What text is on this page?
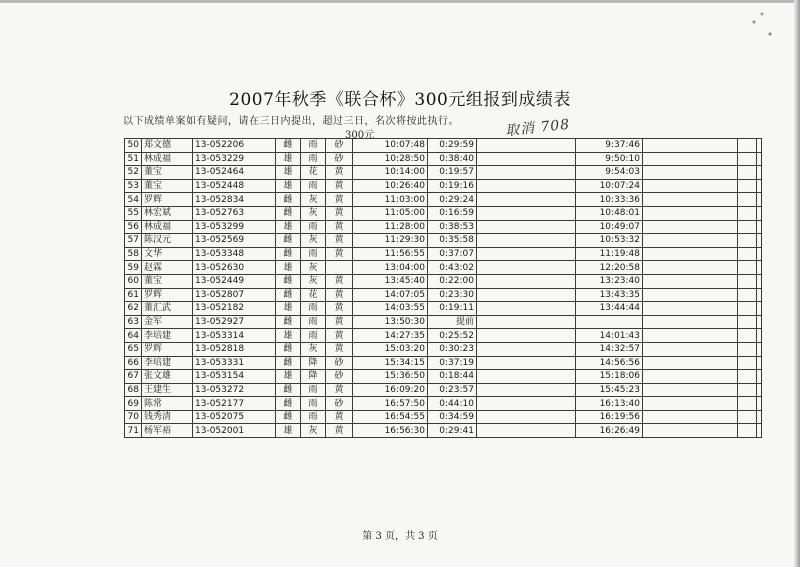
2007年秋季《联合杯》300元组报到成绩表
以下成绩单案如有疑问，请在三日内提出，超过三日，名次将按此执行。
300元	取消 708
50	郑文德	13-052206	雌	雨	砂	10:07:48	0:29:59		9:37:46			
51	林成福	13-053229	雄	雨	砂	10:28:50	0:38:40		9:50:10			
52	董宝	13-052464	雄	花	黄	10:14:00	0:19:57		9:54:03			
53	董宝	13-052448	雄	雨	黄	10:26:40	0:19:16		10:07:24			
54	罗辉	13-052834	雌	灰	黄	11:03:00	0:29:24		10:33:36			
55	林宏斌	13-052763	雌	灰	黄	11:05:00	0:16:59		10:48:01			
56	林成福	13-053299	雄	雨	黄	11:28:00	0:38:53		10:49:07			
57	陈汉元	13-052569	雌	灰	黄	11:29:30	0:35:58		10:53:32			
58	文华	13-053348	雌	雨	黄	11:56:55	0:37:07		11:19:48			
59	赵霖	13-052630	雄	灰		13:04:00	0:43:02		12:20:58			
60	董宝	13-052449	雌	灰	黄	13:45:40	0:22:00		13:23:40			
61	罗辉	13-052807	雌	花	黄	14:07:05	0:23:30		13:43:35			
62	董汇武	13-052182	雄	雨	黄	14:03:55	0:19:11		13:44:44			
63	金军	13-052927	雌	雨	黄	13:50:30	提前					
64	李培建	13-053314	雄	雨	黄	14:27:35	0:25:52		14:01:43			
65	罗辉	13-052818	雌	灰	黄	15:03:20	0:30:23		14:32:57			
66	李培建	13-053331	雌	降	砂	15:34:15	0:37:19		14:56:56			
67	张文雄	13-053154	雄	降	砂	15:36:50	0:18:44		15:18:06			
68	王建生	13-053272	雌	雨	黄	16:09:20	0:23:57		15:45:23			
69	陈常	13-052177	雌	雨	砂	16:57:50	0:44:10		16:13:40			
70	钱秀清	13-052075	雌	雨	黄	16:54:55	0:34:59		16:19:56			
71	杨军裕	13-052001	雄	灰	黄	16:56:30	0:29:41		16:26:49			
第 3 页，共 3 页
